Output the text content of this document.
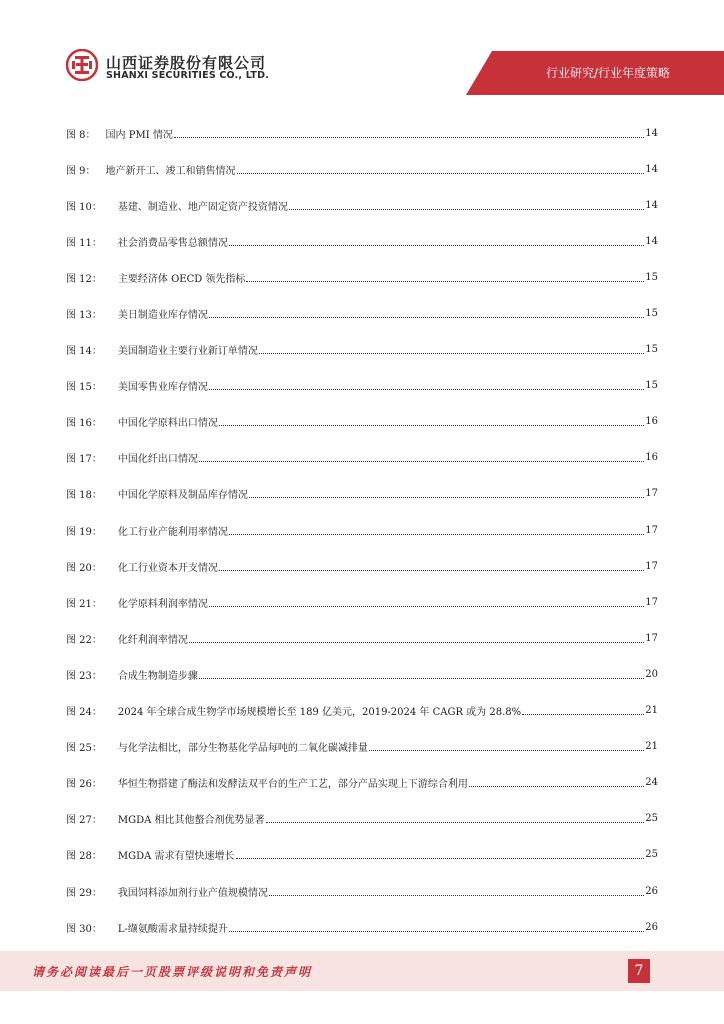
山西证券股份有限公司
SHANXI SECURITIES CO., LTD.	行业研究/行业年度策略
图 8：	国内 PMI 情况	14
图 9：	地产新开工、竣工和销售情况	14
图 10：	基建、制造业、地产固定资产投资情况	14
图 11：	社会消费品零售总额情况	14
图 12：	主要经济体 OECD 领先指标	15
图 13：	美日制造业库存情况	15
图 14：	美国制造业主要行业新订单情况	15
图 15：	美国零售业库存情况	15
图 16：	中国化学原料出口情况	16
图 17：	中国化纤出口情况	16
图 18：	中国化学原料及制品库存情况	17
图 19：	化工行业产能利用率情况	17
图 20：	化工行业资本开支情况	17
图 21：	化学原料利润率情况	17
图 22：	化纤利润率情况	17
图 23：	合成生物制造步骤	20
图 24：	2024 年全球合成生物学市场规模增长至 189 亿美元，2019-2024 年 CAGR 或为 28.8%	21
图 25：	与化学法相比，部分生物基化学品每吨的二氧化碳减排量	21
图 26：	华恒生物搭建了酶法和发酵法双平台的生产工艺，部分产品实现上下游综合利用	24
图 27：	MGDA 相比其他螯合剂优势显著	25
图 28：	MGDA 需求有望快速增长	25
图 29：	我国饲料添加剂行业产值规模情况	26
图 30：	L-缬氨酸需求量持续提升	26
请务必阅读最后一页股票评级说明和免责声明	7
